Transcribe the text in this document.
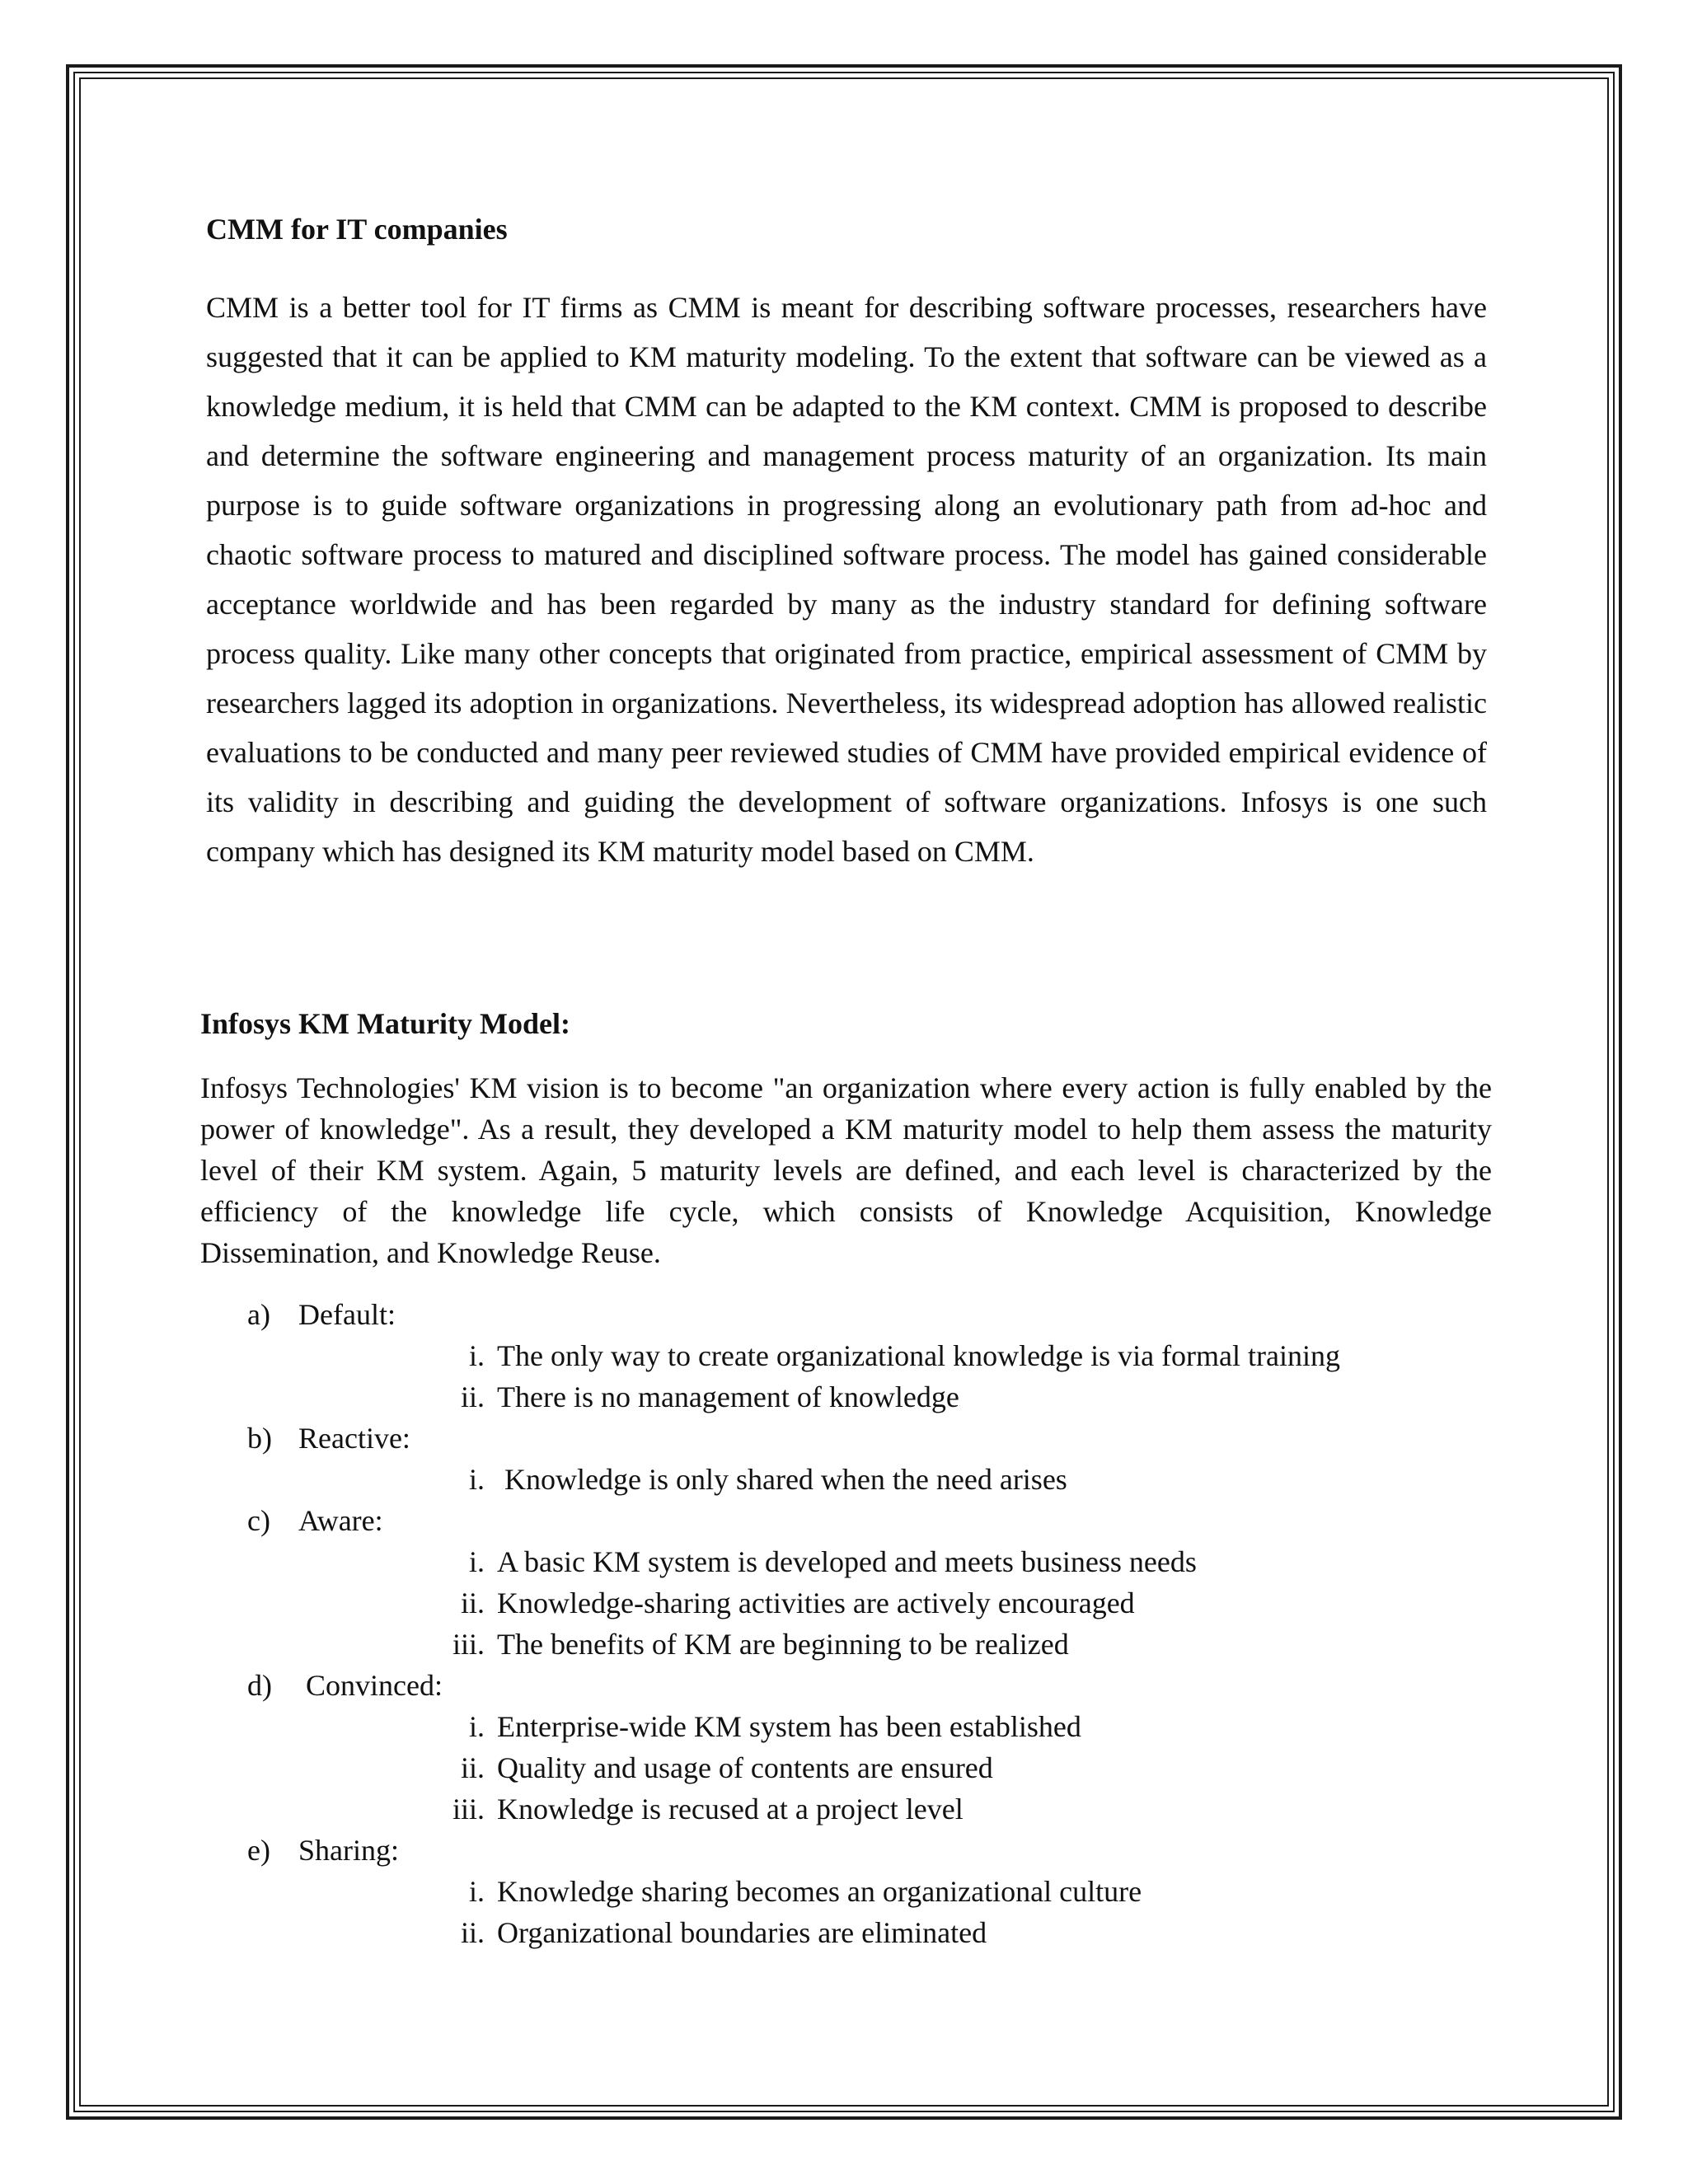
CMM for IT companies

CMM is a better tool for IT firms as CMM is meant for describing software processes, researchers have suggested that it can be applied to KM maturity modeling. To the extent that software can be viewed as a knowledge medium, it is held that CMM can be adapted to the KM context. CMM is proposed to describe and determine the software engineering and management process maturity of an organization. Its main purpose is to guide software organizations in progressing along an evolutionary path from ad-hoc and chaotic software process to matured and disciplined software process. The model has gained considerable acceptance worldwide and has been regarded by many as the industry standard for defining software process quality. Like many other concepts that originated from practice, empirical assessment of CMM by researchers lagged its adoption in organizations. Nevertheless, its widespread adoption has allowed realistic evaluations to be conducted and many peer reviewed studies of CMM have provided empirical evidence of its validity in describing and guiding the development of software organizations. Infosys is one such company which has designed its KM maturity model based on CMM.

Infosys KM Maturity Model:

Infosys Technologies' KM vision is to become "an organization where every action is fully enabled by the power of knowledge". As a result, they developed a KM maturity model to help them assess the maturity level of their KM system. Again, 5 maturity levels are defined, and each level is characterized by the efficiency of the knowledge life cycle, which consists of Knowledge Acquisition, Knowledge Dissemination, and Knowledge Reuse.

a) Default:
i. The only way to create organizational knowledge is via formal training
ii. There is no management of knowledge
b) Reactive:
i. Knowledge is only shared when the need arises
c) Aware:
i. A basic KM system is developed and meets business needs
ii. Knowledge-sharing activities are actively encouraged
iii. The benefits of KM are beginning to be realized
d) Convinced:
i. Enterprise-wide KM system has been established
ii. Quality and usage of contents are ensured
iii. Knowledge is recused at a project level
e) Sharing:
i. Knowledge sharing becomes an organizational culture
ii. Organizational boundaries are eliminated
